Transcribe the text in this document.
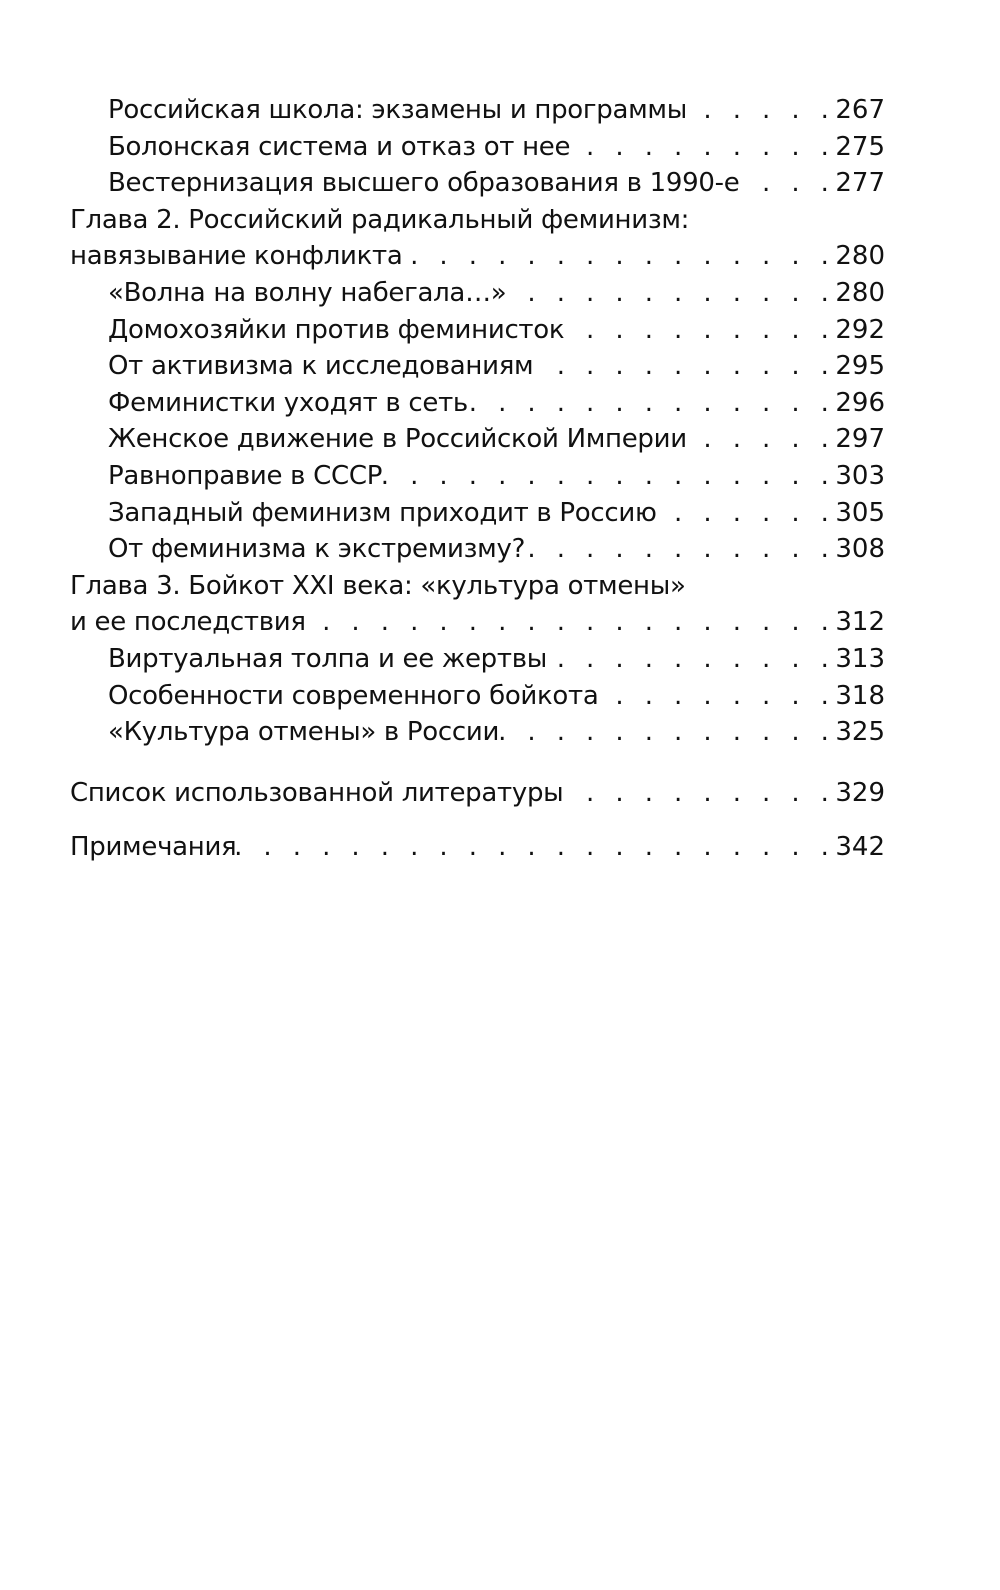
Российская школа: экзамены и программы . . .	267
Болонская система и отказ от нее . . .	275
Вестернизация высшего образования в 1990-е . . .	277
Глава 2. Российский радикальный феминизм:
навязывание конфликта . . .	280
«Волна на волну набегала…» . . .	280
Домохозяйки против феминисток . . .	292
От активизма к исследованиям . . .	295
Феминистки уходят в сеть . . .	296
Женское движение в Российской Империи . . .	297
Равноправие в СССР . . .	303
Западный феминизм приходит в Россию . . .	305
От феминизма к экстремизму? . . .	308
Глава 3. Бойкот XXI века: «культура отмены»
и ее последствия . . .	312
Виртуальная толпа и ее жертвы . . .	313
Особенности современного бойкота . . .	318
«Культура отмены» в России . . .	325
Список использованной литературы . . .	329
Примечания . . .	342
